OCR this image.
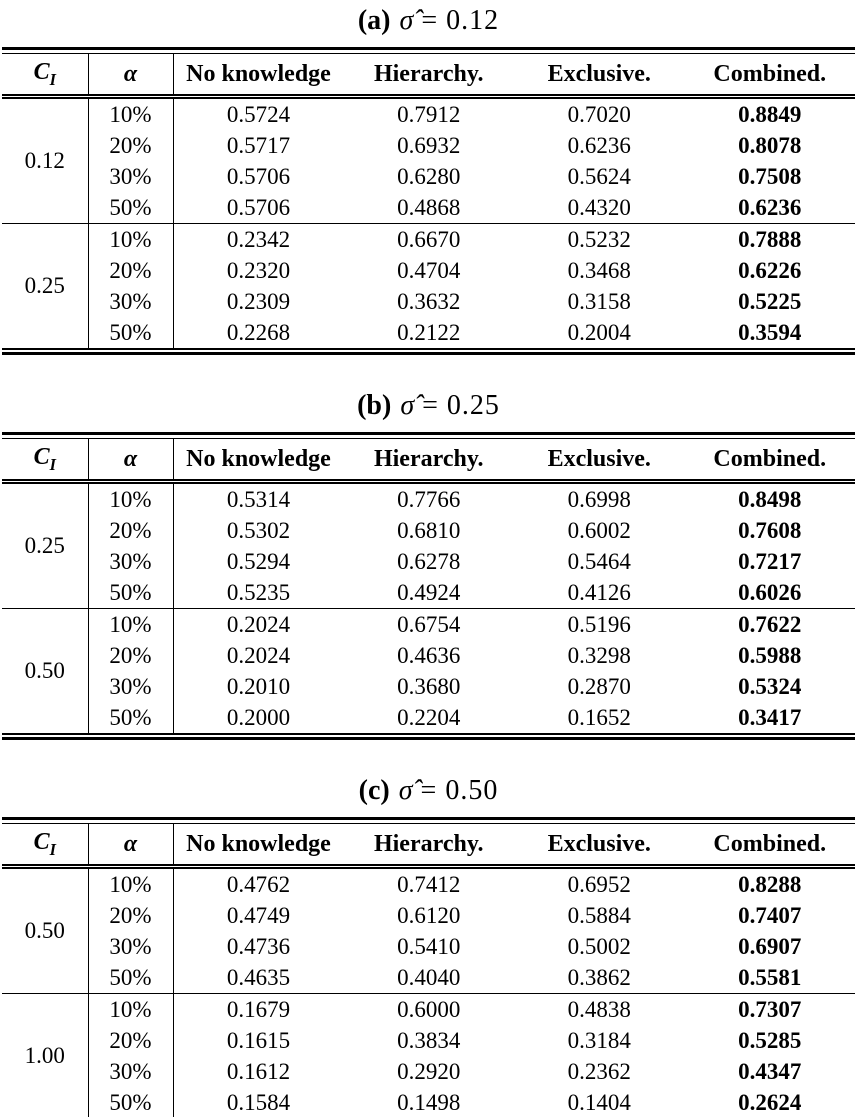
(a) σ̂ = 0.12
$C_I$	α	No knowledge	Hierarchy.	Exclusive.	Combined.
0.12	10%	0.5724	0.7912	0.7020	0.8849
	20%	0.5717	0.6932	0.6236	0.8078
	30%	0.5706	0.6280	0.5624	0.7508
	50%	0.5706	0.4868	0.4320	0.6236
0.25	10%	0.2342	0.6670	0.5232	0.7888
	20%	0.2320	0.4704	0.3468	0.6226
	30%	0.2309	0.3632	0.3158	0.5225
	50%	0.2268	0.2122	0.2004	0.3594
(b) σ̂ = 0.25
$C_I$	α	No knowledge	Hierarchy.	Exclusive.	Combined.
0.25	10%	0.5314	0.7766	0.6998	0.8498
	20%	0.5302	0.6810	0.6002	0.7608
	30%	0.5294	0.6278	0.5464	0.7217
	50%	0.5235	0.4924	0.4126	0.6026
0.50	10%	0.2024	0.6754	0.5196	0.7622
	20%	0.2024	0.4636	0.3298	0.5988
	30%	0.2010	0.3680	0.2870	0.5324
	50%	0.2000	0.2204	0.1652	0.3417
(c) σ̂ = 0.50
$C_I$	α	No knowledge	Hierarchy.	Exclusive.	Combined.
0.50	10%	0.4762	0.7412	0.6952	0.8288
	20%	0.4749	0.6120	0.5884	0.7407
	30%	0.4736	0.5410	0.5002	0.6907
	50%	0.4635	0.4040	0.3862	0.5581
1.00	10%	0.1679	0.6000	0.4838	0.7307
	20%	0.1615	0.3834	0.3184	0.5285
	30%	0.1612	0.2920	0.2362	0.4347
	50%	0.1584	0.1498	0.1404	0.2624
